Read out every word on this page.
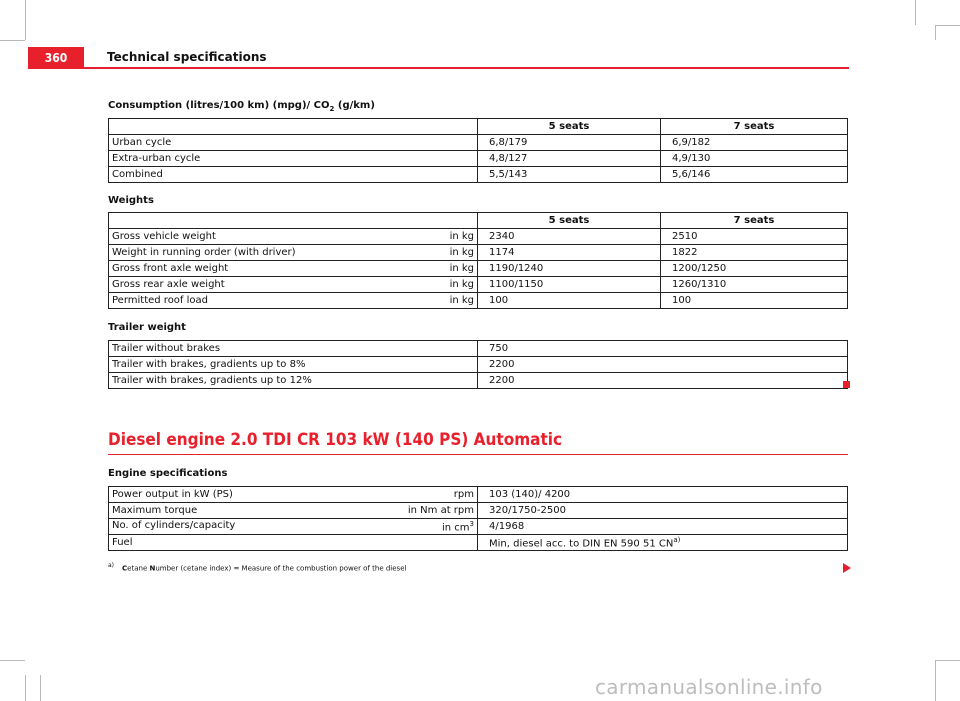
360	Technical specifications
Consumption (litres/100 km) (mpg)/ $CO_2$ (g/km)
	5 seats	7 seats
Urban cycle	6,8/179	6,9/182
Extra-urban cycle	4,8/127	4,9/130
Combined	5,5/143	5,6/146
Weights
	5 seats	7 seats
Gross vehicle weight in kg	2340	2510
Weight in running order (with driver) in kg	1174	1822
Gross front axle weight in kg	1190/1240	1200/1250
Gross rear axle weight in kg	1100/1150	1260/1310
Permitted roof load in kg	100	100
Trailer weight
Trailer without brakes	750
Trailer with brakes, gradients up to 8%	2200
Trailer with brakes, gradients up to 12%	2200
Diesel engine 2.0 TDI CR 103 kW (140 PS) Automatic
Engine specifications
Power output in kW (PS) rpm	103 (140)/ 4200
Maximum torque in Nm at rpm	320/1750-2500
No. of cylinders/capacity in $cm^3$	4/1968
Fuel	Min, diesel acc. to DIN EN 590 51 CN$^{a)}$
$^{a)}$ Cetane Number (cetane index) = Measure of the combustion power of the diesel
carmanualsonline.info
